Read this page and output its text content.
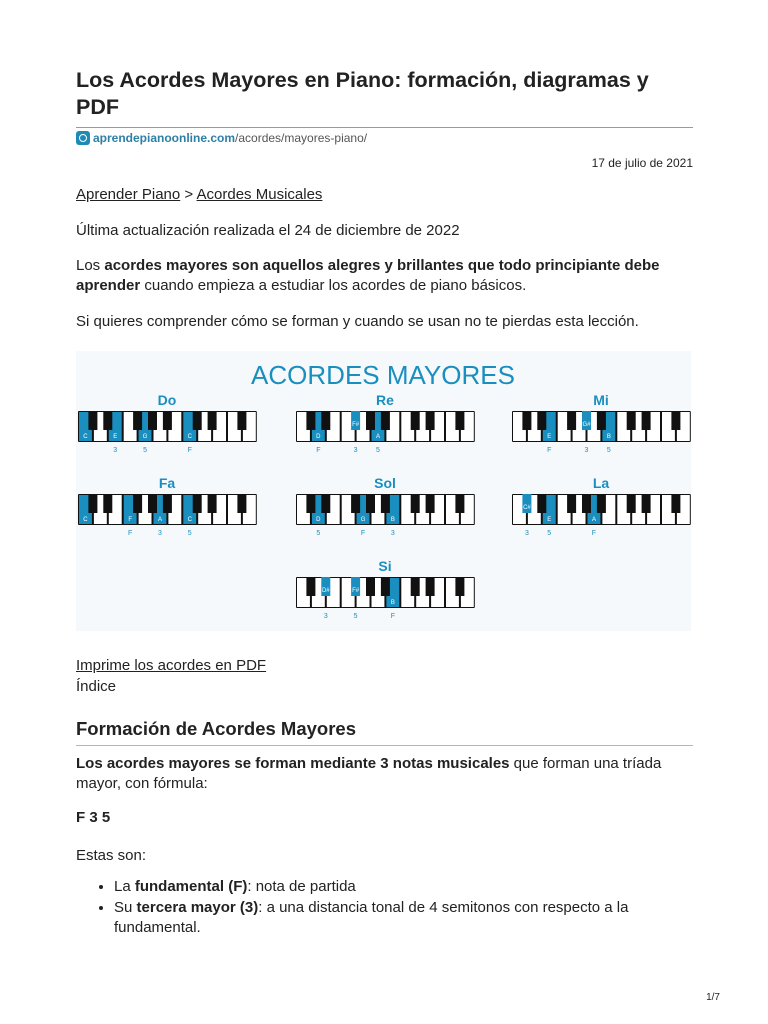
Los Acordes Mayores en Piano: formación, diagramas y PDF
aprendepianoonline.com /acordes/mayores-piano/
17 de julio de 2021

Aprender Piano > Acordes Musicales

Última actualización realizada el 24 de diciembre de 2022

Los acordes mayores son aquellos alegres y brillantes que todo principiante debe aprender cuando empieza a estudiar los acordes de piano básicos.

Si quieres comprender cómo se forman y cuando se usan no te pierdas esta lección.

ACORDES MAYORES
Do
C	E	G	C
F
3	5
Re
D	A
F#
F	3	5
Mi
E	B
G#
F	3	5
Fa
C	F	A	C
F	3	5
Sol
D	G	B
F	3
5
La
E	A
C#
F
3	5
Si
B
D#	F#
F
3	5

Imprime los acordes en PDF

Índice

Formación de Acordes Mayores

Los acordes mayores se forman mediante 3 notas musicales que forman una tríada mayor, con fórmula:

F 3 5

Estas son:

• La fundamental (F): nota de partida
• Su tercera mayor (3): a una distancia tonal de 4 semitonos con respecto a la fundamental.
1/7
